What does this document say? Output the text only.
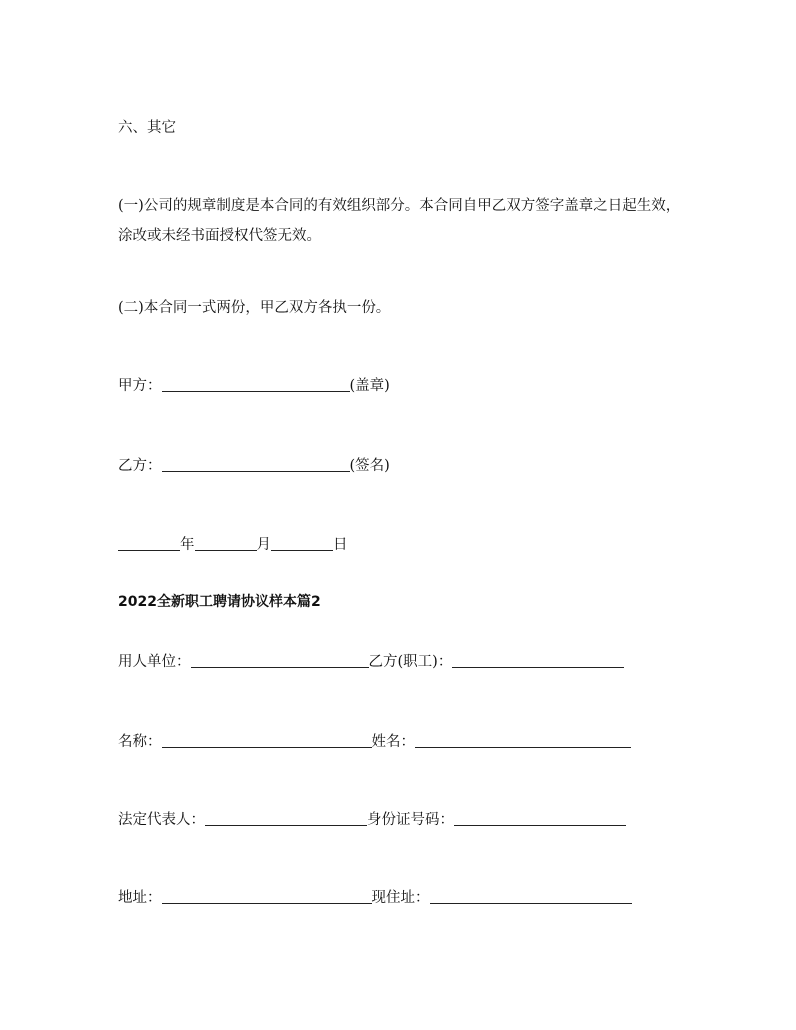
六、其它
(一)公司的规章制度是本合同的有效组织部分。本合同自甲乙双方签字盖章之日起生效，涂改或未经书面授权代签无效。
(二)本合同一式两份，甲乙双方各执一份。
甲方：	(盖章)
乙方：	(签名)
年	月	日
2022全新职工聘请协议样本篇2
用人单位：	乙方(职工)：
名称：	姓名：
法定代表人：	身份证号码：
地址：	现住址：
